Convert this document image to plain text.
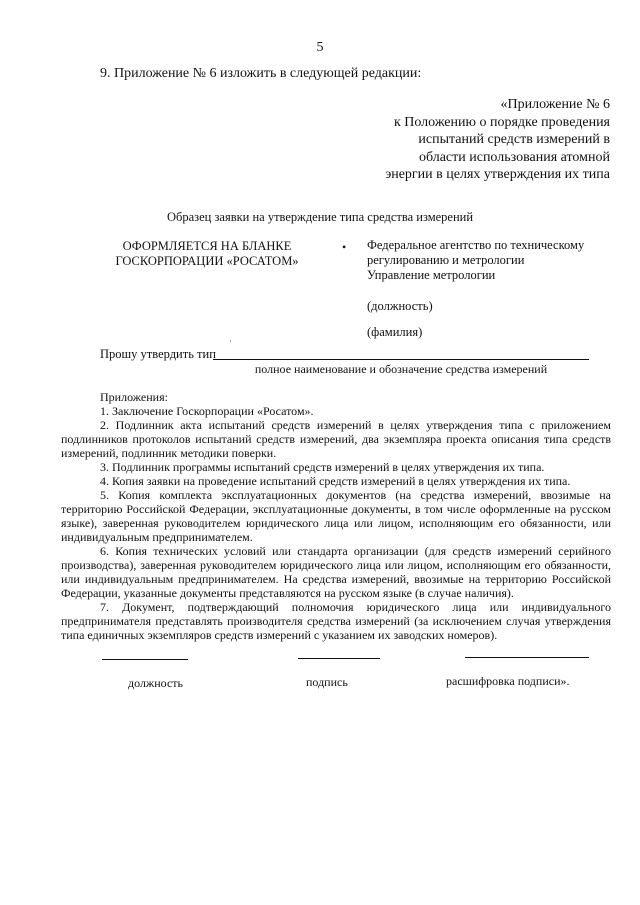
5
9. Приложение № 6 изложить в следующей редакции:
«Приложение № 6
к Положению о порядке проведения
испытаний средств измерений в
области использования атомной
энергии в целях утверждения их типа
Образец заявки на утверждение типа средства измерений
ОФОРМЛЯЕТСЯ НА БЛАНКЕ ГОСКОРПОРАЦИИ «РОСАТОМ»
• Федеральное агентство по техническому
регулированию и метрологии
Управление метрологии
(должность)
(фамилия)
·
Прошу утвердить тип
полное наименование и обозначение средства измерений
Приложения:

1. Заключение Госкорпорации «Росатом».

2. Подлинник акта испытаний средств измерений в целях утверждения типа с приложением подлинников протоколов испытаний средств измерений, два экземпляра проекта описания типа средств измерений, подлинник методики поверки.

3. Подлинник программы испытаний средств измерений в целях утверждения их типа.

4. Копия заявки на проведение испытаний средств измерений в целях утверждения их типа.

5. Копия комплекта эксплуатационных документов (на средства измерений, ввозимые на территорию Российской Федерации, эксплуатационные документы, в том числе оформленные на русском языке), заверенная руководителем юридического лица или лицом, исполняющим его обязанности, или индивидуальным предпринимателем.

6. Копия технических условий или стандарта организации (для средств измерений серийного производства), заверенная руководителем юридического лица или лицом, исполняющим его обязанности, или индивидуальным предпринимателем. На средства измерений, ввозимые на территорию Российской Федерации, указанные документы представляются на русском языке (в случае наличия).

7. Документ, подтверждающий полномочия юридического лица или индивидуального предпринимателя представлять производителя средства измерений (за исключением случая утверждения типа единичных экземпляров средств измерений с указанием их заводских номеров).

должность	подпись	расшифровка подписи».
